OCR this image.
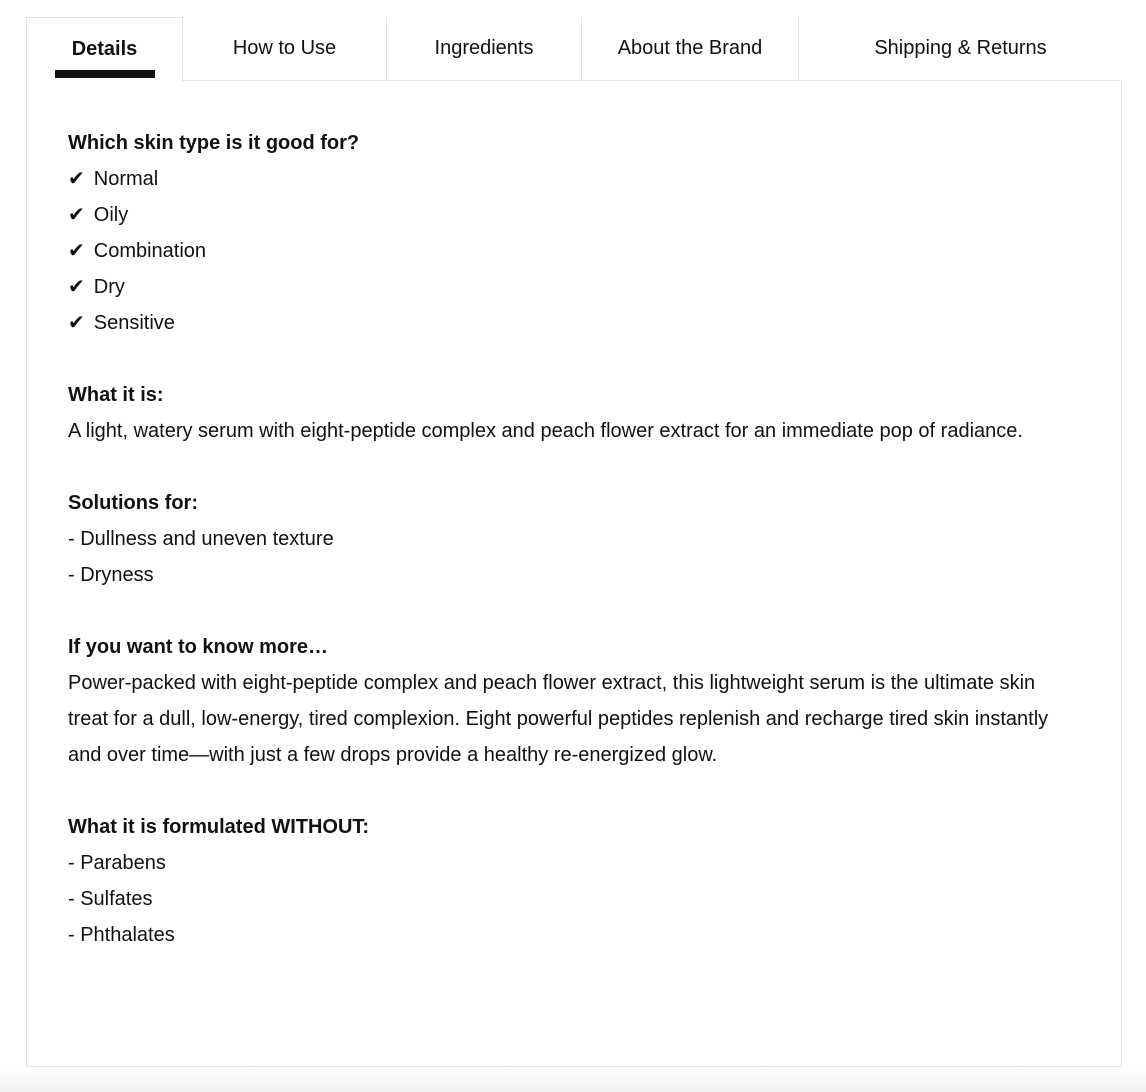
Details	How to Use	Ingredients	About the Brand	Shipping & Returns
Which skin type is it good for?
✔ Normal
✔ Oily
✔ Combination
✔ Dry
✔ Sensitive
What it is:
A light, watery serum with eight-peptide complex and peach flower extract for an immediate pop of radiance.
Solutions for:
- Dullness and uneven texture
- Dryness
If you want to know more…
Power-packed with eight-peptide complex and peach flower extract, this lightweight serum is the ultimate skin treat for a dull, low-energy, tired complexion. Eight powerful peptides replenish and recharge tired skin instantly and over time—with just a few drops provide a healthy re-energized glow.
What it is formulated WITHOUT:
- Parabens
- Sulfates
- Phthalates
